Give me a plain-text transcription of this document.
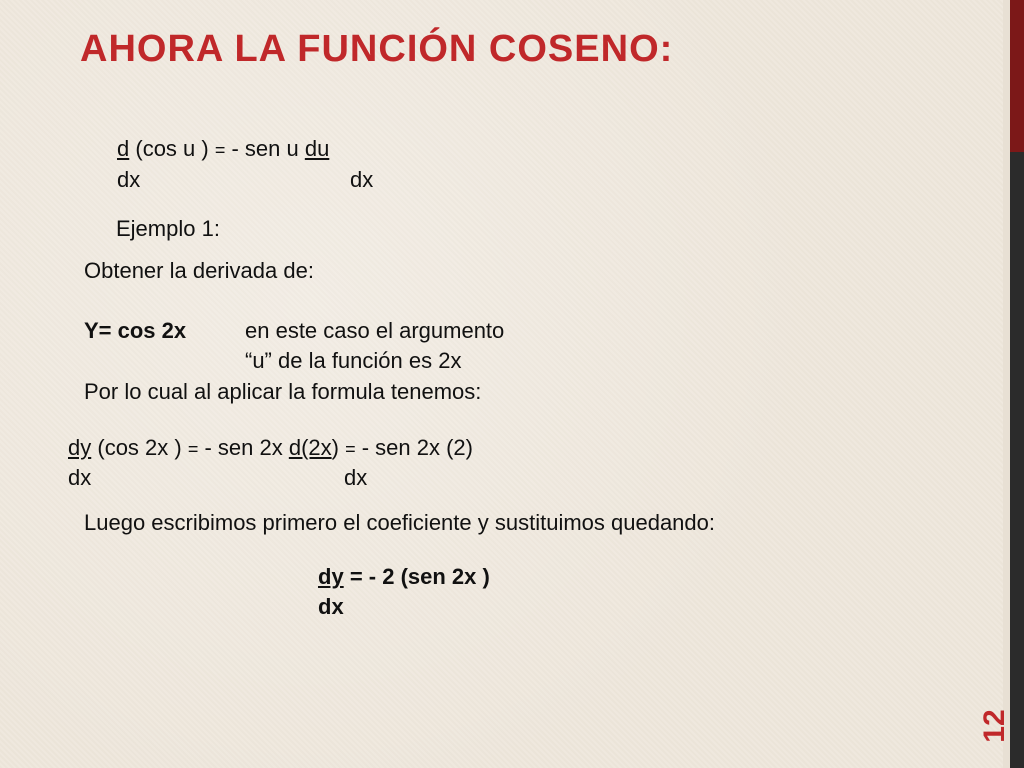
AHORA LA FUNCIÓN COSENO:
d (cos u ) = - sen u du
dx	dx
Ejemplo 1:
Obtener la derivada de:
Y= cos 2x	en este caso el argumento
“u” de la función es 2x
Por lo cual al aplicar la formula tenemos:
dy (cos 2x ) = - sen 2x d(2x) = - sen 2x (2)
dx	dx
Luego escribimos primero el coeficiente y sustituimos quedando:
dy = - 2 (sen 2x )
dx
12
